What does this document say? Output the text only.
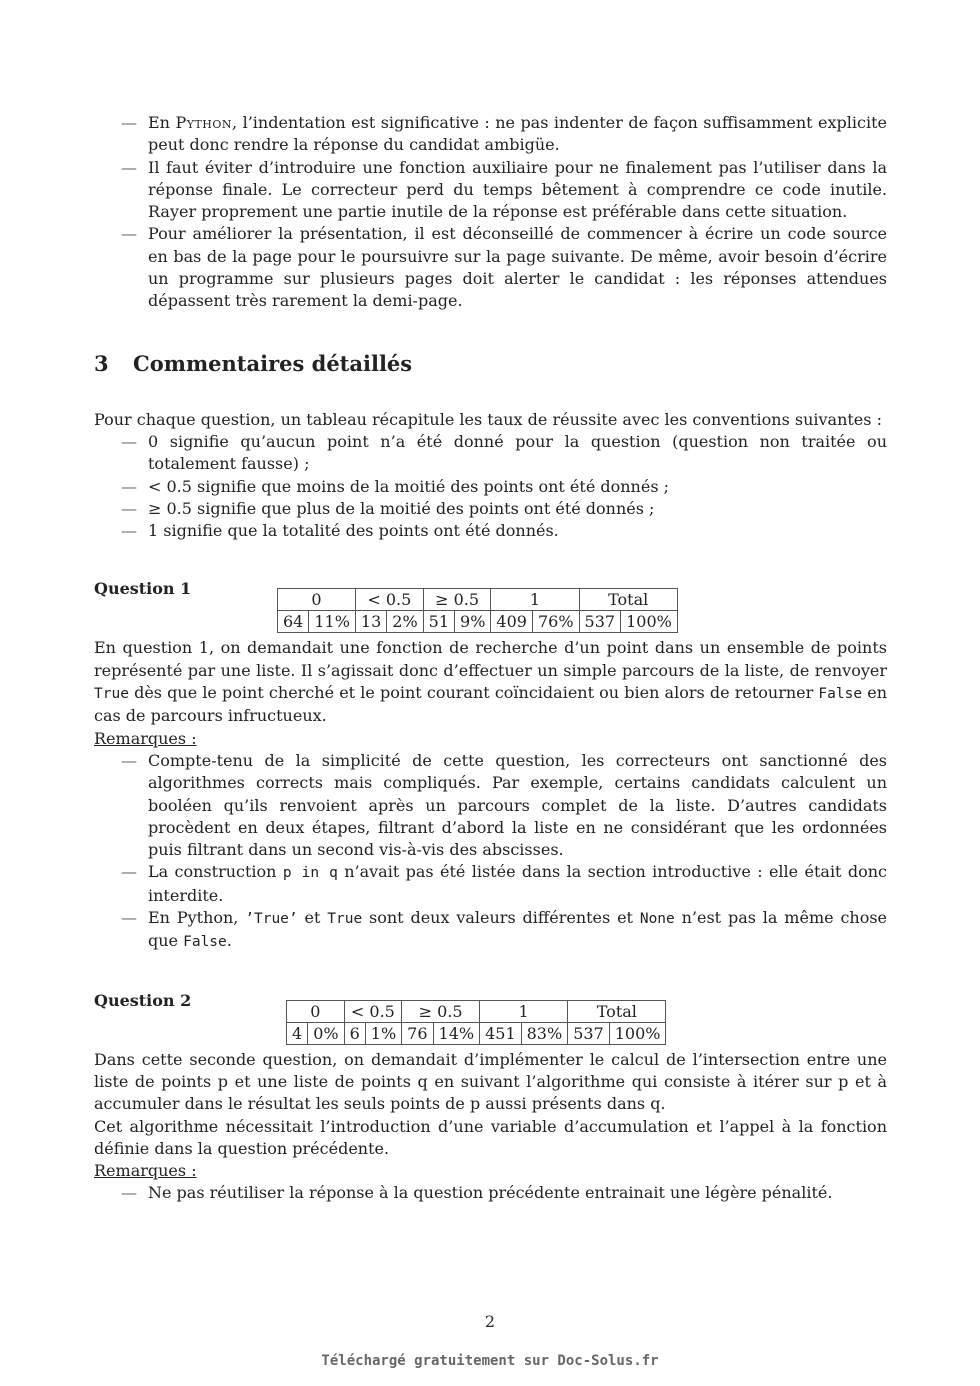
— En Python, l’indentation est significative : ne pas indenter de façon suffisamment explicite peut donc rendre la réponse du candidat ambigüe.
— Il faut éviter d’introduire une fonction auxiliaire pour ne finalement pas l’utiliser dans la réponse finale. Le correcteur perd du temps bêtement à comprendre ce code inutile. Rayer proprement une partie inutile de la réponse est préférable dans cette situation.
— Pour améliorer la présentation, il est déconseillé de commencer à écrire un code source en bas de la page pour le poursuivre sur la page suivante. De même, avoir besoin d’écrire un programme sur plusieurs pages doit alerter le candidat : les réponses attendues dépassent très rarement la demi-page.
3 Commentaires détaillés
Pour chaque question, un tableau récapitule les taux de réussite avec les conventions suivantes :
— 0 signifie qu’aucun point n’a été donné pour la question (question non traitée ou totalement fausse) ;
— < 0.5 signifie que moins de la moitié des points ont été donnés ;
— ≥ 0.5 signifie que plus de la moitié des points ont été donnés ;
— 1 signifie que la totalité des points ont été donnés.
Question 1
0		< 0.5		≥ 0.5		1		Total	
64	11%	13	2%	51	9%	409	76%	537	100%
En question 1, on demandait une fonction de recherche d’un point dans un ensemble de points représenté par une liste. Il s’agissait donc d’effectuer un simple parcours de la liste, de renvoyer True dès que le point cherché et le point courant coïncidaient ou bien alors de retourner False en cas de parcours infructueux.
Remarques :
— Compte-tenu de la simplicité de cette question, les correcteurs ont sanctionné des algorithmes corrects mais compliqués. Par exemple, certains candidats calculent un booléen qu’ils renvoient après un parcours complet de la liste. D’autres candidats procèdent en deux étapes, filtrant d’abord la liste en ne considérant que les ordonnées puis filtrant dans un second vis-à-vis des abscisses.
— La construction p in q n’avait pas été listée dans la section introductive : elle était donc interdite.
— En Python, ’True’ et True sont deux valeurs différentes et None n’est pas la même chose que False.
Question 2
0		< 0.5		≥ 0.5		1		Total	
4	0%	6	1%	76	14%	451	83%	537	100%
Dans cette seconde question, on demandait d’implémenter le calcul de l’intersection entre une liste de points p et une liste de points q en suivant l’algorithme qui consiste à itérer sur p et à accumuler dans le résultat les seuls points de p aussi présents dans q.
Cet algorithme nécessitait l’introduction d’une variable d’accumulation et l’appel à la fonction définie dans la question précédente.
Remarques :
— Ne pas réutiliser la réponse à la question précédente entrainait une légère pénalité.
2
Téléchargé gratuitement sur Doc-Solus.fr
